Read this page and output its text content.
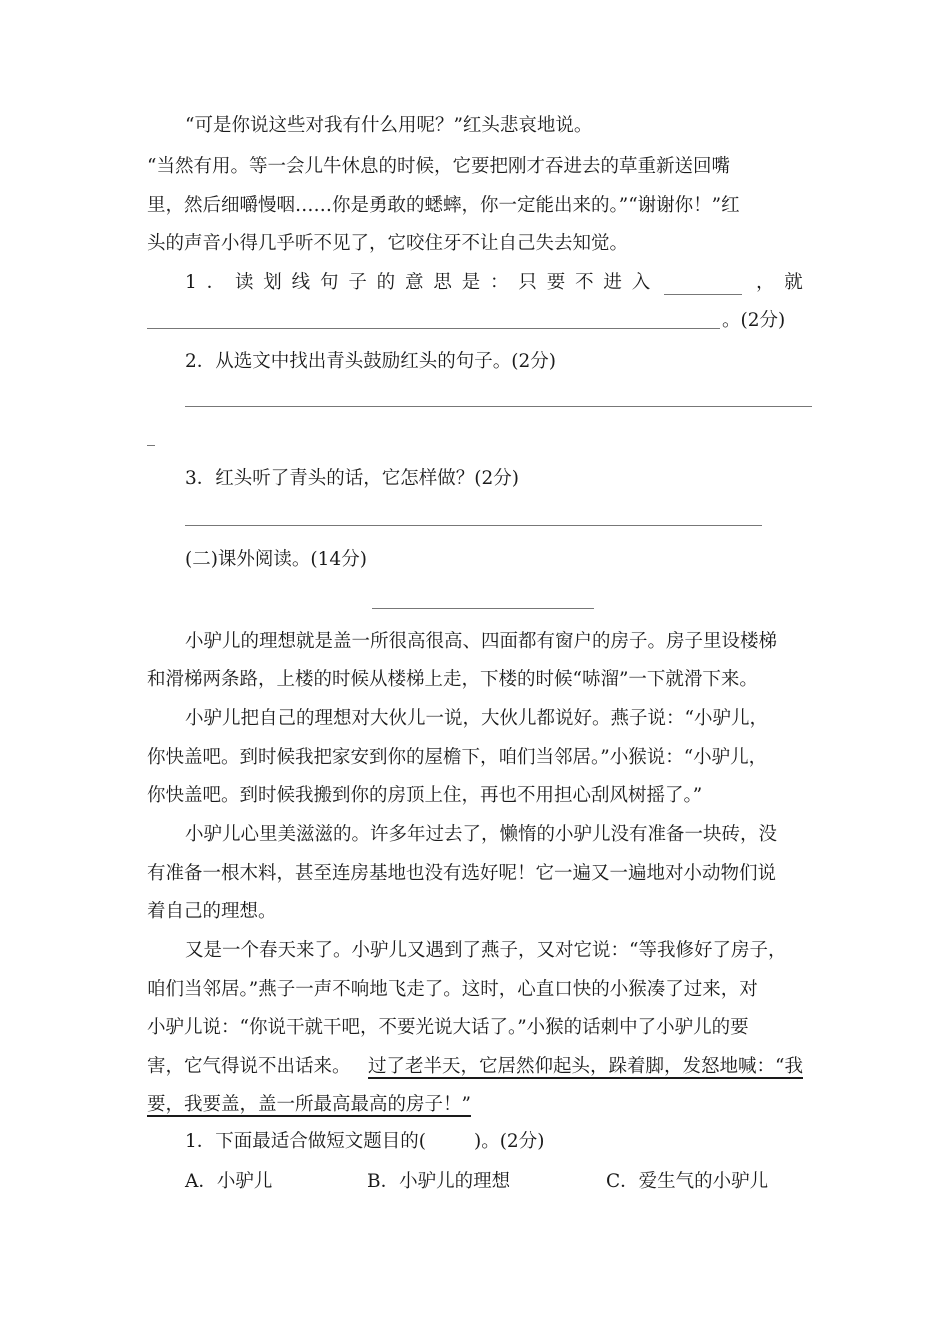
“可是你说这些对我有什么用呢？”红头悲哀地说。
“当然有用。等一会儿牛休息的时候，它要把刚才吞进去的草重新送回嘴
里，然后细嚼慢咽……你是勇敢的蟋蟀，你一定能出来的。”“谢谢你！”红
头的声音小得几乎听不见了，它咬住牙不让自己失去知觉。
1 ． 读 划 线 句 子 的 意 思 是 ： 只 要 不 进 入	， 就
。(2分)
2．从选文中找出青头鼓励红头的句子。(2分)
3．红头听了青头的话，它怎样做？(2分)
(二)课外阅读。(14分)
小驴儿的理想就是盖一所很高很高、四面都有窗户的房子。房子里设楼梯
和滑梯两条路，上楼的时候从楼梯上走，下楼的时候“哧溜”一下就滑下来。
小驴儿把自己的理想对大伙儿一说，大伙儿都说好。燕子说：“小驴儿，
你快盖吧。到时候我把家安到你的屋檐下，咱们当邻居。”小猴说：“小驴儿，
你快盖吧。到时候我搬到你的房顶上住，再也不用担心刮风树摇了。”
小驴儿心里美滋滋的。许多年过去了，懒惰的小驴儿没有准备一块砖，没
有准备一根木料，甚至连房基地也没有选好呢！它一遍又一遍地对小动物们说
着自己的理想。
又是一个春天来了。小驴儿又遇到了燕子，又对它说：“等我修好了房子，
咱们当邻居。”燕子一声不响地飞走了。这时，心直口快的小猴凑了过来，对
小驴儿说：“你说干就干吧，不要光说大话了。”小猴的话刺中了小驴儿的要
害，它气得说不出话来。 过了老半天，它居然仰起头，跺着脚，发怒地喊：“我
要，我要盖，盖一所最高最高的房子！”
1．下面最适合做短文题目的(	)。(2分)
A．小驴儿	B．小驴儿的理想	C．爱生气的小驴儿
